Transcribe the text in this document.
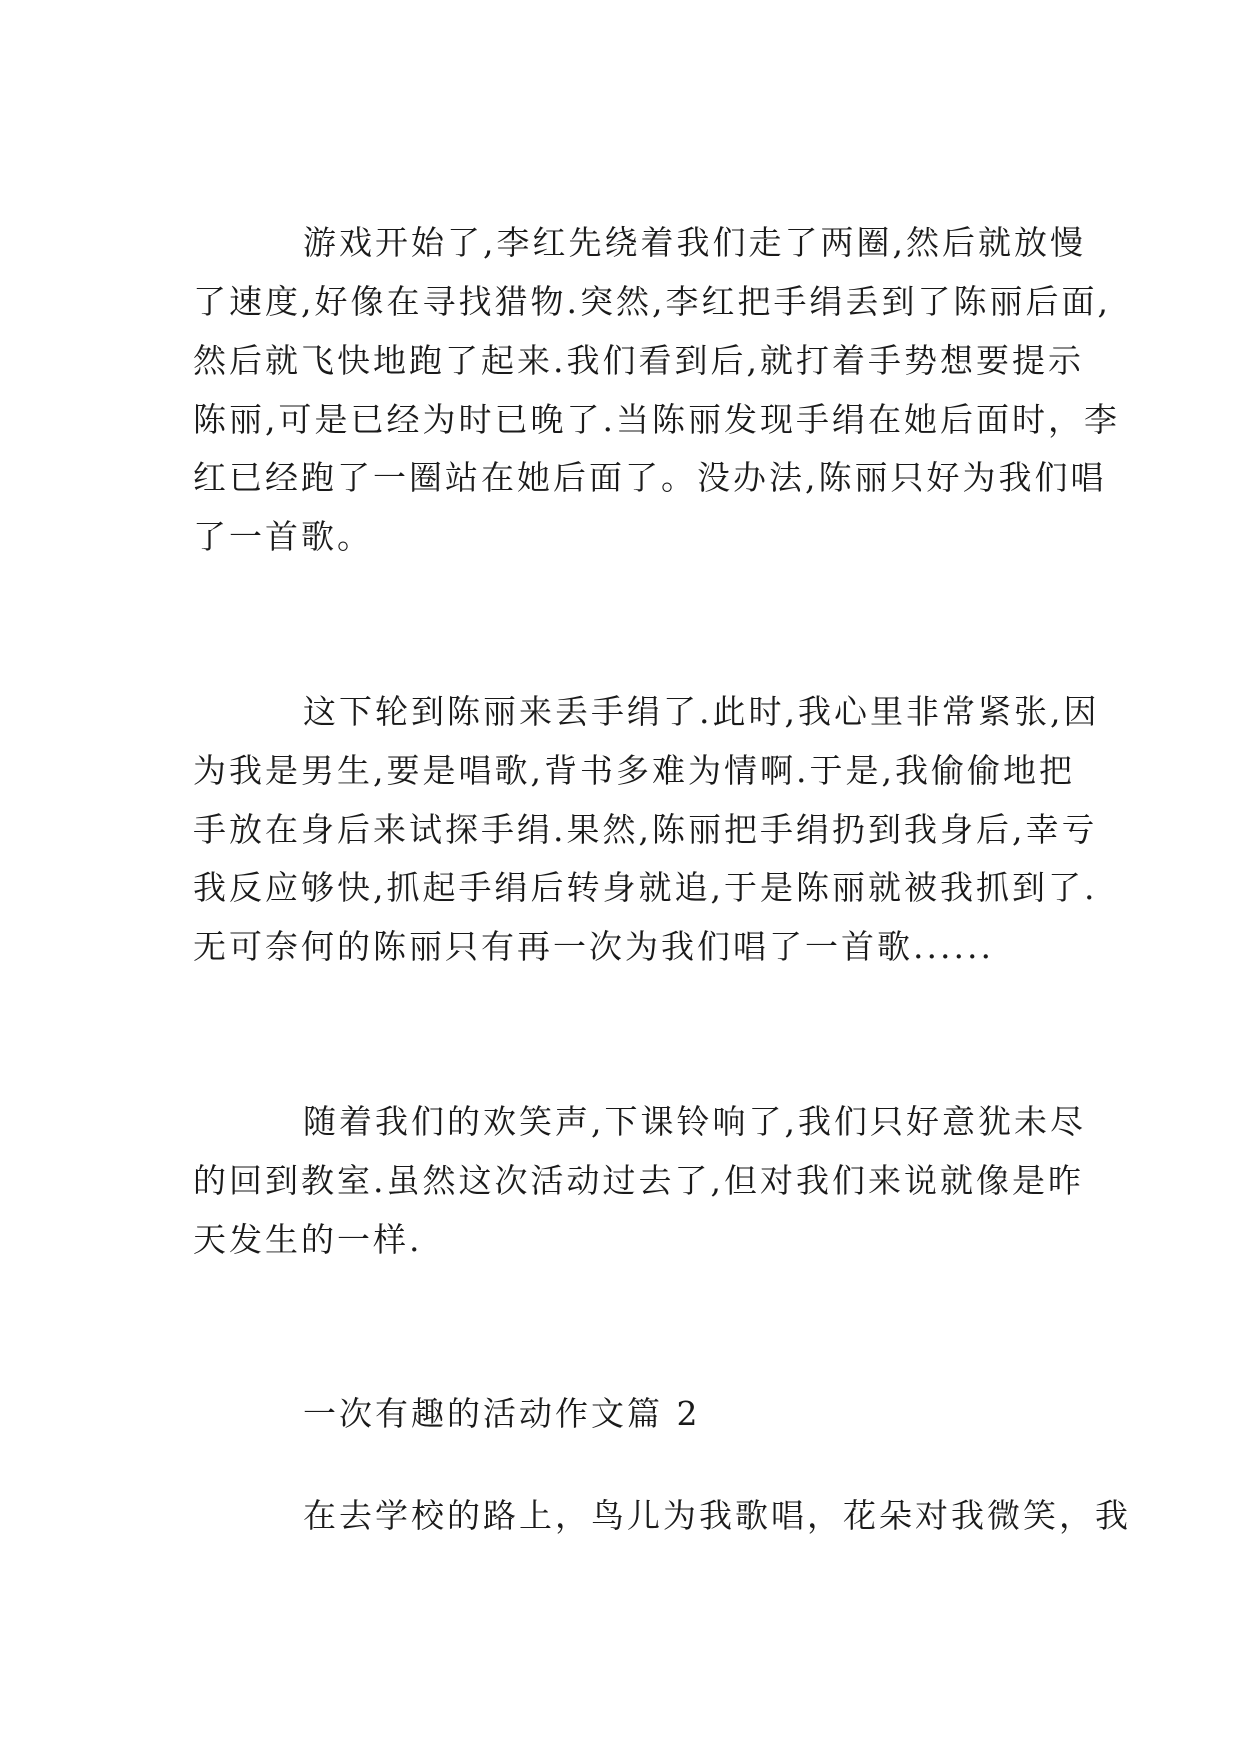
游戏开始了,李红先绕着我们走了两圈,然后就放慢
了速度,好像在寻找猎物.突然,李红把手绢丢到了陈丽后面,
然后就飞快地跑了起来.我们看到后,就打着手势想要提示
陈丽,可是已经为时已晚了.当陈丽发现手绢在她后面时，李
红已经跑了一圈站在她后面了。没办法,陈丽只好为我们唱
了一首歌。
这下轮到陈丽来丢手绢了.此时,我心里非常紧张,因
为我是男生,要是唱歌,背书多难为情啊.于是,我偷偷地把
手放在身后来试探手绢.果然,陈丽把手绢扔到我身后,幸亏
我反应够快,抓起手绢后转身就追,于是陈丽就被我抓到了.
无可奈何的陈丽只有再一次为我们唱了一首歌......
随着我们的欢笑声,下课铃响了,我们只好意犹未尽
的回到教室.虽然这次活动过去了,但对我们来说就像是昨
天发生的一样.
一次有趣的活动作文篇 2
在去学校的路上，鸟儿为我歌唱，花朵对我微笑，我
